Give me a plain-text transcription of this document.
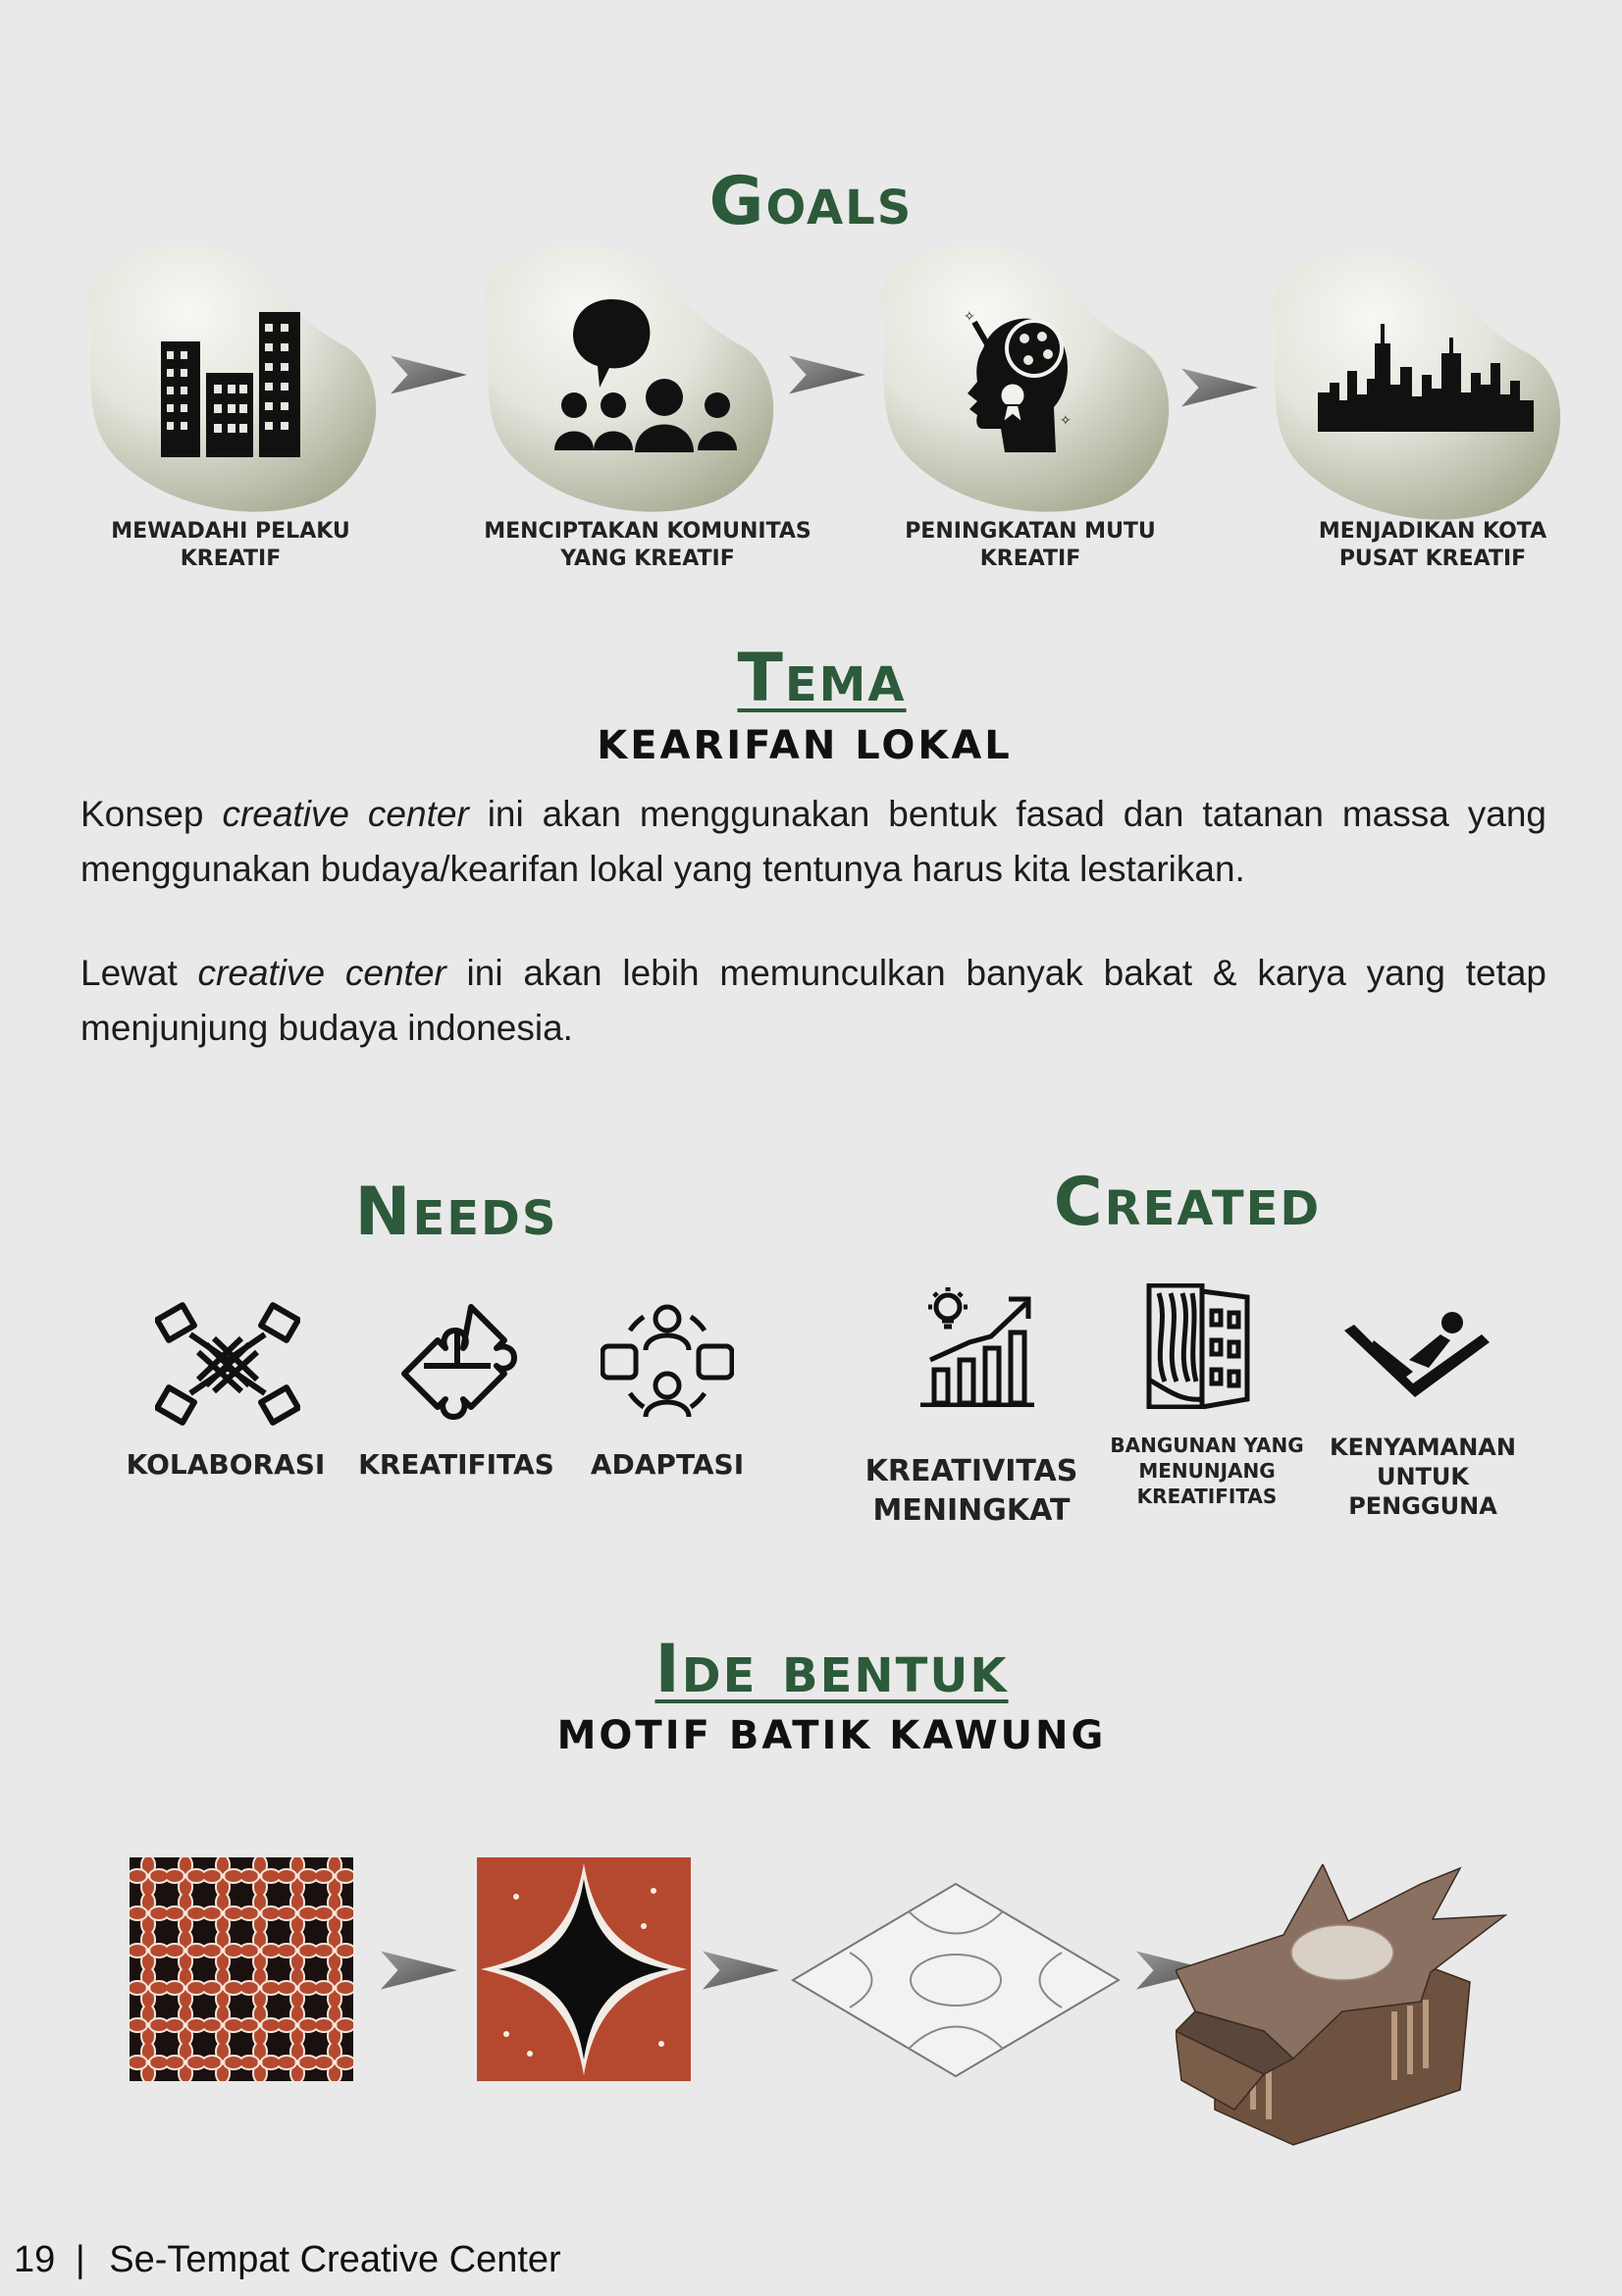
Goals
✧
✧
MEWADAHI PELAKU
KREATIF
MENCIPTAKAN KOMUNITAS
YANG KREATIF
PENINGKATAN MUTU
KREATIF
MENJADIKAN KOTA
PUSAT KREATIF
Tema
KEARIFAN LOKAL
Konsep creative center ini akan menggunakan bentuk fasad dan tatanan massa yang menggunakan budaya/kearifan lokal yang tentunya harus kita lestarikan.
Lewat creative center ini akan lebih memunculkan banyak bakat & karya yang tetap menjunjung budaya indonesia.
Needs
KOLABORASI	KREATIFITAS	ADAPTASI
Created
KREATIVITAS
MENINGKAT
BANGUNAN YANG
MENUNJANG
KREATIFITAS
KENYAMANAN
UNTUK
PENGGUNA
Ide bentuk
MOTIF BATIK KAWUNG
19 | Se-Tempat Creative Center
